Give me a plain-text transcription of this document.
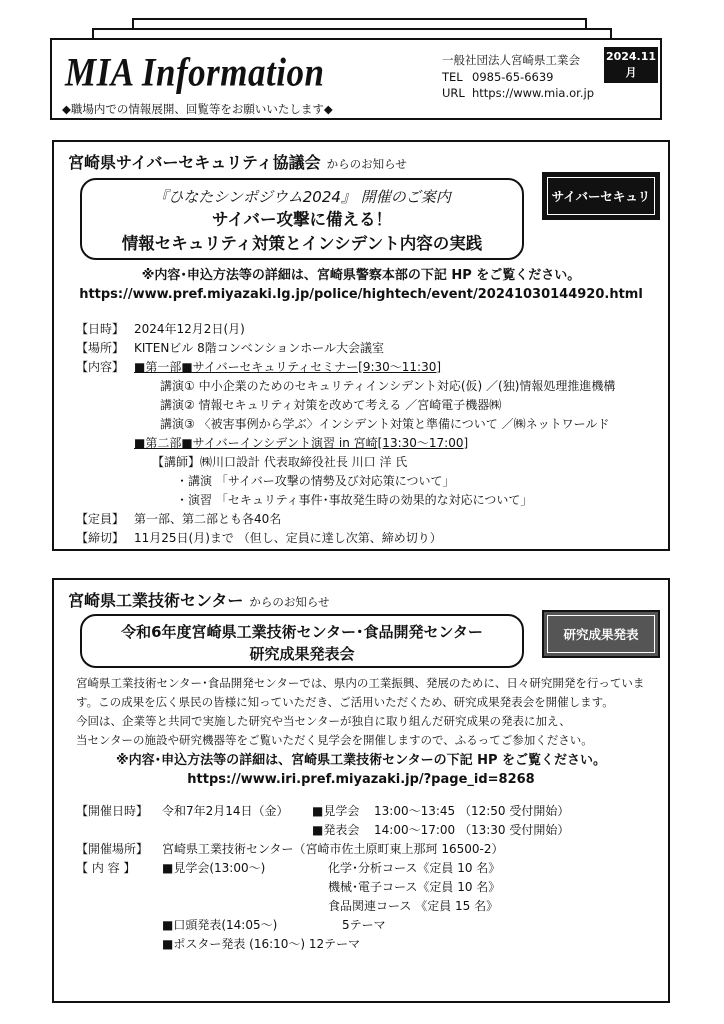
MIA Information
◆職場内での情報展開、回覧等をお願いいたします◆
一般社団法人宮崎県工業会
TEL 0985-65-6639
URL https://www.mia.or.jp
2024.11 月
No. 18
宮崎県サイバーセキュリティ協議会 からのお知らせ
『ひなたシンポジウム2024』 開催のご案内
サイバー攻撃に備える！
情報セキュリティ対策とインシデント内容の実践
サイバーセキュリティ
※内容･申込方法等の詳細は、宮崎県警察本部の下記 HP をご覧ください。
https://www.pref.miyazaki.lg.jp/police/hightech/event/20241030144920.html
【日時】 2024年12月2日(月)
【場所】 KITENビル 8階コンベンションホール大会議室
【内容】 ■第一部■サイバーセキュリティセミナー[9:30～11:30]
講演① 中小企業のためのセキュリティインシデント対応(仮) ／(独)情報処理推進機構
講演② 情報セキュリティ対策を改めて考える ／宮崎電子機器㈱
講演③ 〈被害事例から学ぶ〉インシデント対策と準備について ／㈱ネットワールド
■第二部■サイバーインシデント演習 in 宮崎[13:30～17:00]
【講師】㈱川口設計 代表取締役社長 川口 洋 氏
・講演 「サイバー攻撃の情勢及び対応策について」
・演習 「セキュリティ事件･事故発生時の効果的な対応について」
【定員】 第一部、第二部とも各40名
【締切】 11月25日(月)まで （但し、定員に達し次第、締め切り）
宮崎県工業技術センター からのお知らせ
令和6年度宮崎県工業技術センター･食品開発センター
研究成果発表会
研究成果発表
宮崎県工業技術センター･食品開発センターでは、県内の工業振興、発展のために、日々研究開発を行っています。この成果を広く県民の皆様に知っていただき、ご活用いただくため、研究成果発表会を開催します。
今回は、企業等と共同で実施した研究や当センターが独自に取り組んだ研究成果の発表に加え、
当センターの施設や研究機器等をご覧いただく見学会を開催しますので、ふるってご参加ください。
※内容･申込方法等の詳細は、宮崎県工業技術センターの下記 HP をご覧ください。
https://www.iri.pref.miyazaki.jp/?page_id=8268
【開催日時】	令和7年2月14日（金）	■見学会	13:00～13:45 （12:50 受付開始）
■発表会	14:00～17:00 （13:30 受付開始）
【開催場所】	宮崎県工業技術センター（宮崎市佐土原町東上那珂 16500-2）
【 内 容 】	■見学会(13:00～)	化学･分析コース《定員 10 名》
機械･電子コース《定員 10 名》
食品関連コース 《定員 15 名》
■口頭発表(14:05～)	5テーマ
■ポスター発表 (16:10～) 12テーマ
